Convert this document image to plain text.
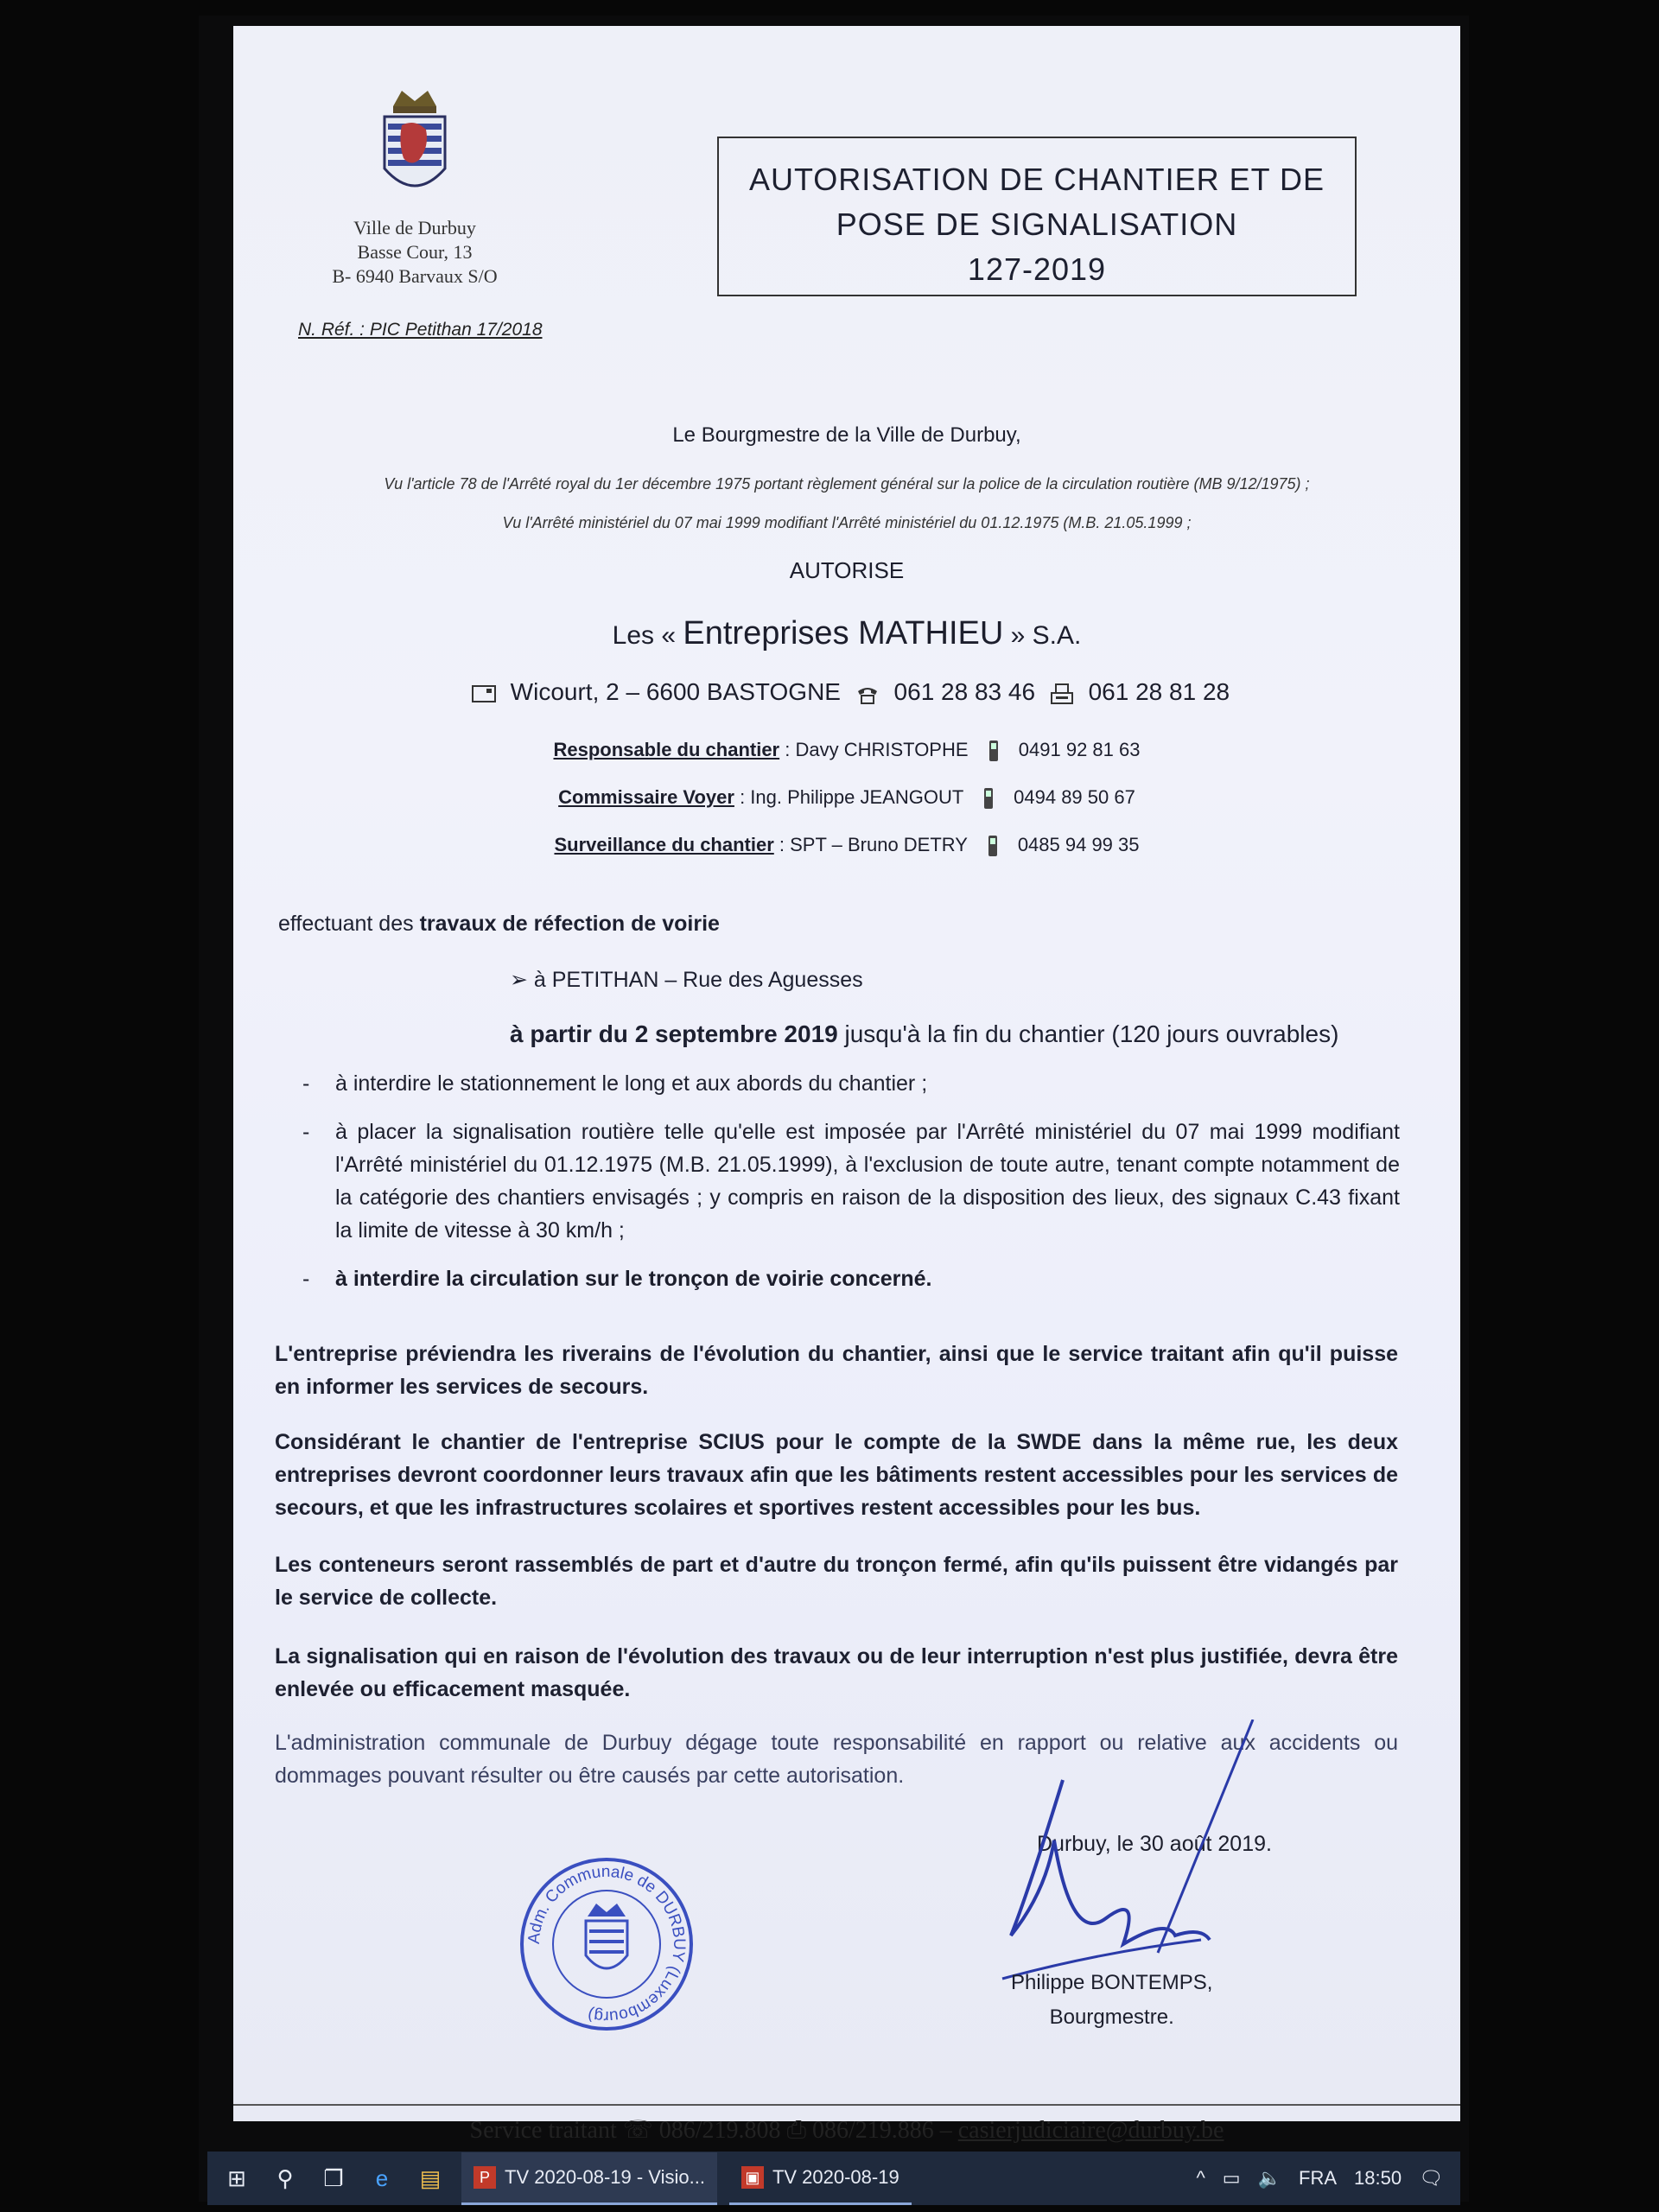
Ville de Durbuy
Basse Cour, 13
B- 6940 Barvaux S/O
N. Réf. : PIC Petithan 17/2018
AUTORISATION DE CHANTIER ET DE
POSE DE SIGNALISATION
127-2019
Le Bourgmestre de la Ville de Durbuy,
Vu l'article 78 de l'Arrêté royal du 1er décembre 1975 portant règlement général sur la police de la circulation routière (MB 9/12/1975) ;
Vu l'Arrêté ministériel du 07 mai 1999 modifiant l'Arrêté ministériel du 01.12.1975 (M.B. 21.05.1999 ;
AUTORISE
Les « Entreprises MATHIEU » S.A.
Wicourt, 2 – 6600 BASTOGNE 061 28 83 46 061 28 81 28
Responsable du chantier : Davy CHRISTOPHE	0491 92 81 63
Commissaire Voyer : Ing. Philippe JEANGOUT	0494 89 50 67
Surveillance du chantier : SPT – Bruno DETRY	0485 94 99 35
effectuant des travaux de réfection de voirie
➢ à PETITHAN – Rue des Aguesses
à partir du 2 septembre 2019 jusqu'à la fin du chantier (120 jours ouvrables)
-	à interdire le stationnement le long et aux abords du chantier ;
-	à placer la signalisation routière telle qu'elle est imposée par l'Arrêté ministériel du 07 mai 1999 modifiant l'Arrêté ministériel du 01.12.1975 (M.B. 21.05.1999), à l'exclusion de toute autre, tenant compte notamment de la catégorie des chantiers envisagés ; y compris en raison de la disposition des lieux, des signaux C.43 fixant la limite de vitesse à 30 km/h ;
-	à interdire la circulation sur le tronçon de voirie concerné.
L'entreprise préviendra les riverains de l'évolution du chantier, ainsi que le service traitant afin qu'il puisse en informer les services de secours.
Considérant le chantier de l'entreprise SCIUS pour le compte de la SWDE dans la même rue, les deux entreprises devront coordonner leurs travaux afin que les bâtiments restent accessibles pour les services de secours, et que les infrastructures scolaires et sportives restent accessibles pour les bus.
Les conteneurs seront rassemblés de part et d'autre du tronçon fermé, afin qu'ils puissent être vidangés par le service de collecte.
La signalisation qui en raison de l'évolution des travaux ou de leur interruption n'est plus justifiée, devra être enlevée ou efficacement masquée.
L'administration communale de Durbuy dégage toute responsabilité en rapport ou relative aux accidents ou dommages pouvant résulter ou être causés par cette autorisation.
Durbuy, le 30 août 2019.
Adm. Communale de DURBUY (Luxembourg)
Philippe BONTEMPS,
Bourgmestre.
Service traitant ☏ 086/219.808 ⎙ 086/219.886 – casierjudiciaire@durbuy.be
⊞	⚲	❐	e	▤	P TV 2020-08-19 - Visio...	▣ TV 2020-08-19	^ ▭ 🔈 FRA 18:50 🗨
